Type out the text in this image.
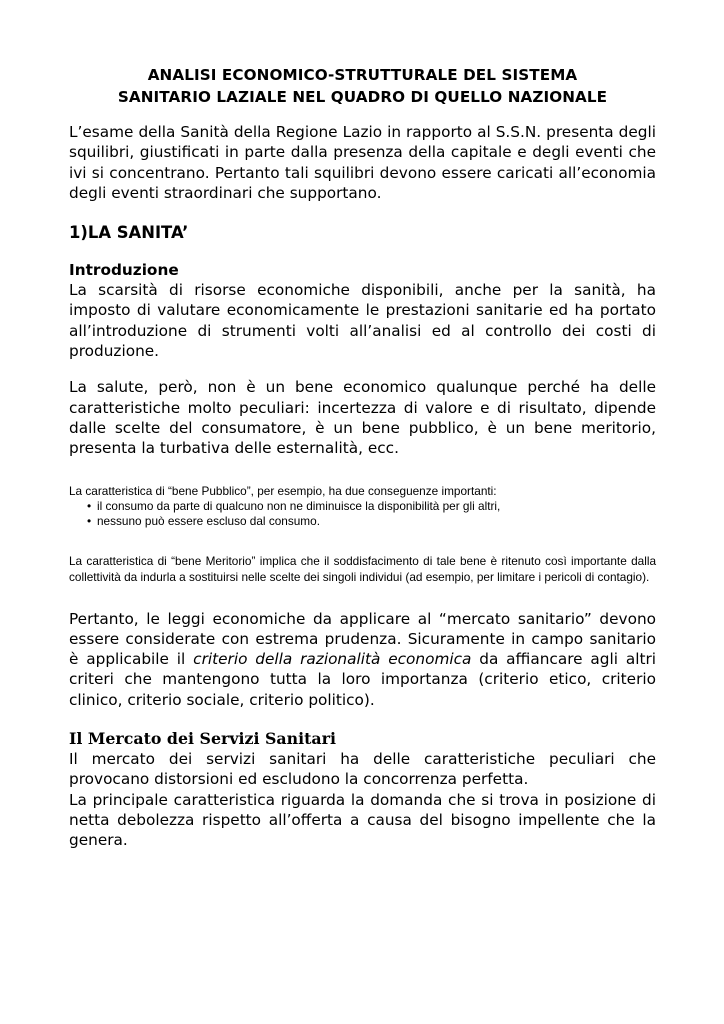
ANALISI ECONOMICO-STRUTTURALE DEL SISTEMA
SANITARIO LAZIALE NEL QUADRO DI QUELLO NAZIONALE

L’esame della Sanità della Regione Lazio in rapporto al S.S.N. presenta degli squilibri, giustificati in parte dalla presenza della capitale e degli eventi che ivi si concentrano. Pertanto tali squilibri devono essere caricati all’economia degli eventi straordinari che supportano.

1)LA SANITA’
Introduzione

La scarsità di risorse economiche disponibili, anche per la sanità, ha imposto di valutare economicamente le prestazioni sanitarie ed ha portato all’introduzione di strumenti volti all’analisi ed al controllo dei costi di produzione.

La salute, però, non è un bene economico qualunque perché ha delle caratteristiche molto peculiari: incertezza di valore e di risultato, dipende dalle scelte del consumatore, è un bene pubblico, è un bene meritorio, presenta la turbativa delle esternalità, ecc.

La caratteristica di “bene Pubblico”, per esempio, ha due conseguenze importanti:

• il consumo da parte di qualcuno non ne diminuisce la disponibilità per gli altri,
• nessuno può essere escluso dal consumo.

La caratteristica di “bene Meritorio” implica che il soddisfacimento di tale bene è ritenuto così importante dalla collettività da indurla a sostituirsi nelle scelte dei singoli individui (ad esempio, per limitare i pericoli di contagio).

Pertanto, le leggi economiche da applicare al “mercato sanitario” devono essere considerate con estrema prudenza. Sicuramente in campo sanitario è applicabile il criterio della razionalità economica da affiancare agli altri criteri che mantengono tutta la loro importanza (criterio etico, criterio clinico, criterio sociale, criterio politico).

Il Mercato dei Servizi Sanitari

Il mercato dei servizi sanitari ha delle caratteristiche peculiari che provocano distorsioni ed escludono la concorrenza perfetta.

La principale caratteristica riguarda la domanda che si trova in posizione di netta debolezza rispetto all’offerta a causa del bisogno impellente che la genera.
